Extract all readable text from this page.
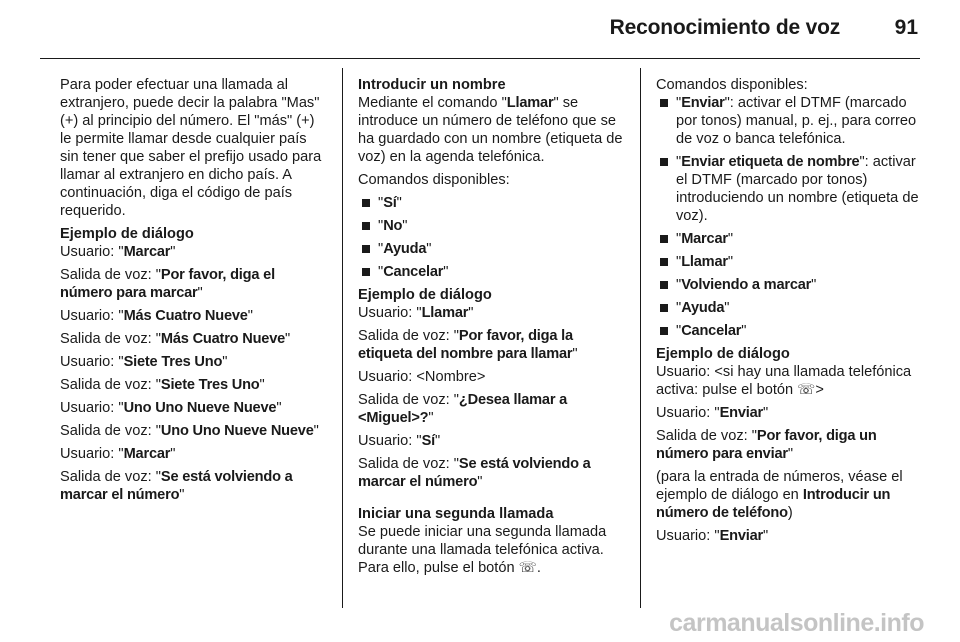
Reconocimiento de voz	91

Para poder efectuar una llamada al extranjero, puede decir la palabra "Mas" (+) al principio del número. El "más" (+) le permite llamar desde cualquier país sin tener que saber el prefijo usado para llamar al extranjero en dicho país. A continuación, diga el código de país requerido.

Ejemplo de diálogo

Usuario: "Marcar"

Salida de voz: "Por favor, diga el número para marcar"

Usuario: "Más Cuatro Nueve"

Salida de voz: "Más Cuatro Nueve"

Usuario: "Siete Tres Uno"

Salida de voz: "Siete Tres Uno"

Usuario: "Uno Uno Nueve Nueve"

Salida de voz: "Uno Uno Nueve Nueve"

Usuario: "Marcar"

Salida de voz: "Se está volviendo a marcar el número"

Introducir un nombre

Mediante el comando "Llamar" se introduce un número de teléfono que se ha guardado con un nombre (etiqueta de voz) en la agenda telefónica.

Comandos disponibles:

"Sí"
"No"
"Ayuda"
"Cancelar"
Ejemplo de diálogo

Usuario: "Llamar"

Salida de voz: "Por favor, diga la etiqueta del nombre para llamar"

Usuario: <Nombre>

Salida de voz: "¿Desea llamar a <Miguel>?"

Usuario: "Sí"

Salida de voz: "Se está volviendo a marcar el número"

Iniciar una segunda llamada

Se puede iniciar una segunda llamada durante una llamada telefónica activa. Para ello, pulse el botón ☏.

Comandos disponibles:

"Enviar": activar el DTMF (marcado por tonos) manual, p. ej., para correo de voz o banca telefónica.
"Enviar etiqueta de nombre": activar el DTMF (marcado por tonos) introduciendo un nombre (etiqueta de voz).
"Marcar"
"Llamar"
"Volviendo a marcar"
"Ayuda"
"Cancelar"
Ejemplo de diálogo

Usuario: <si hay una llamada telefónica activa: pulse el botón ☏>

Usuario: "Enviar"

Salida de voz: "Por favor, diga un número para enviar"

(para la entrada de números, véase el ejemplo de diálogo en Introducir un número de teléfono)

Usuario: "Enviar"

carmanualsonline.info
